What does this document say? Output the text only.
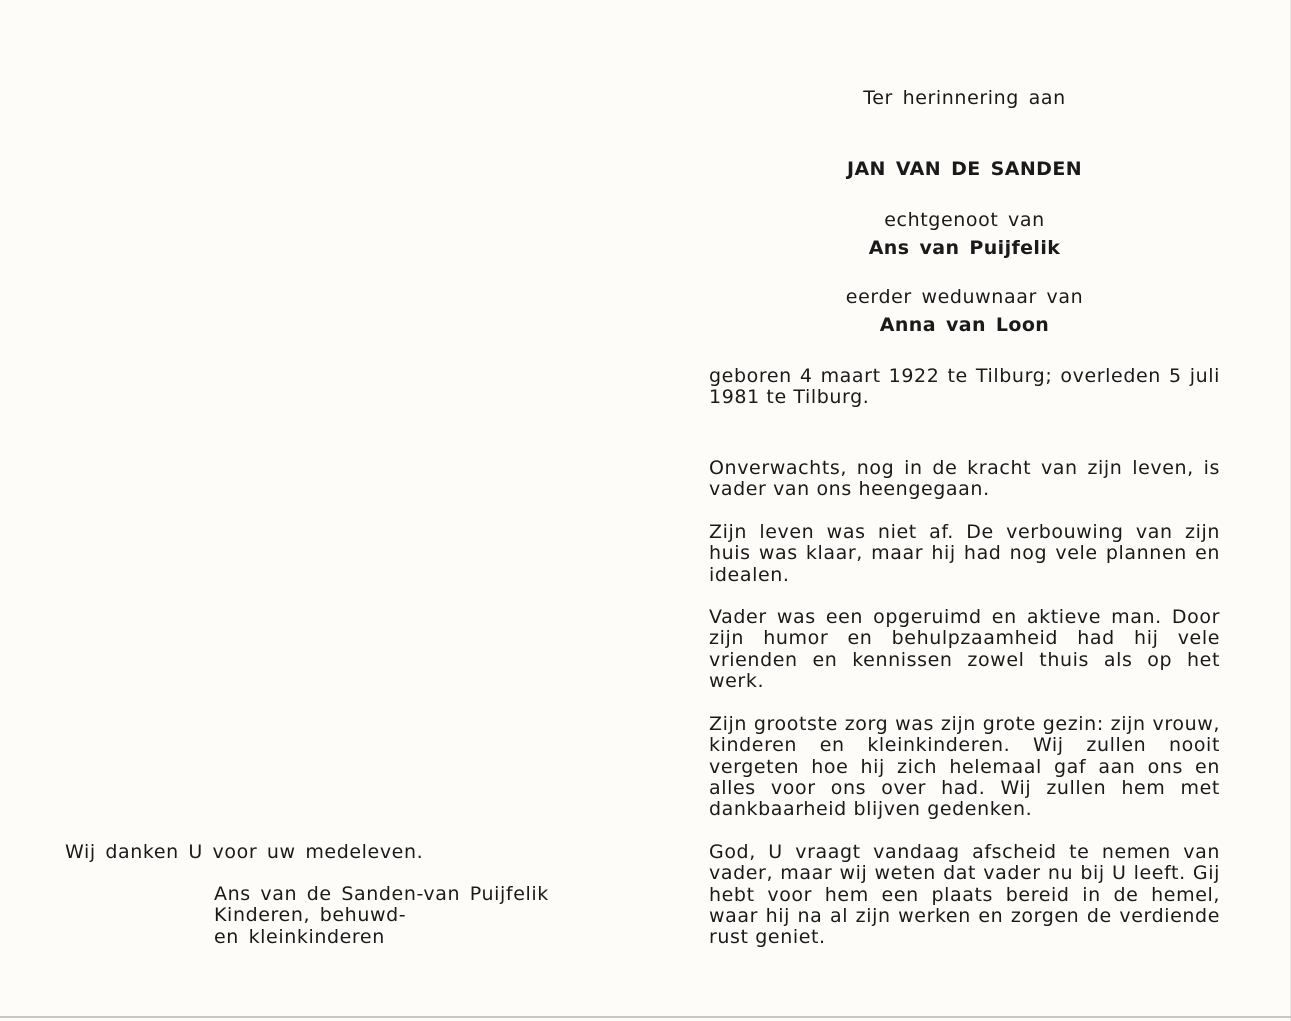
Ter herinnering aan
JAN VAN DE SANDEN
echtgenoot van
Ans van Puijfelik
eerder weduwnaar van
Anna van Loon
geboren 4 maart 1922 te Tilburg; overleden 5 juli 1981 te Tilburg.
Onverwachts, nog in de kracht van zijn leven, is vader van ons heengegaan.
Zijn leven was niet af. De verbouwing van zijn huis was klaar, maar hij had nog vele plannen en idealen.
Vader was een opgeruimd en aktieve man. Door zijn humor en behulpzaamheid had hij vele vrienden en kennissen zowel thuis als op het werk.
Zijn grootste zorg was zijn grote gezin: zijn vrouw, kinderen en kleinkinderen. Wij zullen nooit vergeten hoe hij zich helemaal gaf aan ons en alles voor ons over had. Wij zullen hem met dankbaarheid blijven gedenken.
God, U vraagt vandaag afscheid te nemen van vader, maar wij weten dat vader nu bij U leeft. Gij hebt voor hem een plaats bereid in de hemel, waar hij na al zijn werken en zorgen de verdiende rust geniet.
Wij danken U voor uw medeleven.
Ans van de Sanden-van Puijfelik
Kinderen, behuwd-
en kleinkinderen
